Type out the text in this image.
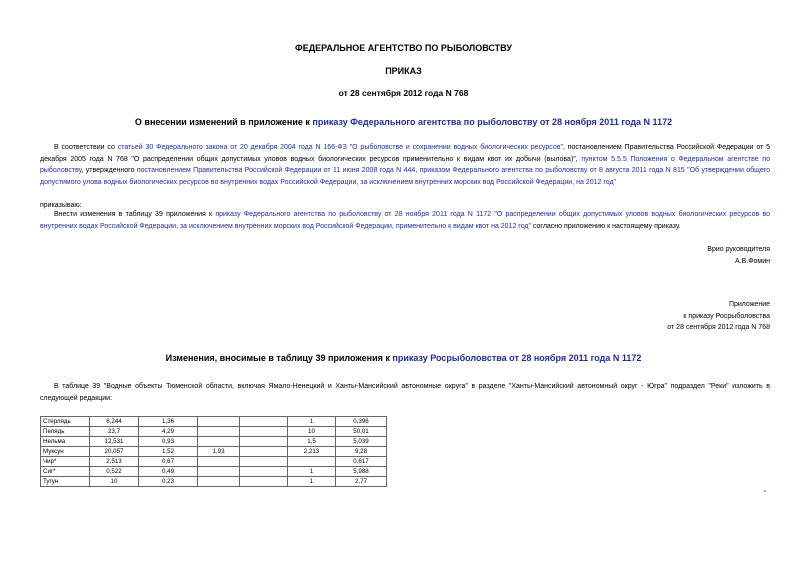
ФЕДЕРАЛЬНОЕ АГЕНТСТВО ПО РЫБОЛОВСТВУ
ПРИКАЗ
от 28 сентября 2012 года N 768
О внесении изменений в приложение к приказу Федерального агентства по рыболовству от 28 ноября 2011 года N 1172
В соответствии со статьей 30 Федерального закона от 20 декабря 2004 года N 166-ФЗ "О рыболовстве и сохранении водных биологических ресурсов", постановлением Правительства Российской Федерации от 5 декабря 2005 года N 768 "О распределении общих допустимых уловов водных биологических ресурсов применительно к видам квот их добычи (вылова)", пунктом 5.5.5 Положения о Федеральном агентстве по рыболовству, утвержденного постановлением Правительства Российской Федерации от 11 июня 2008 года N 444, приказом Федерального агентства по рыболовству от 8 августа 2011 года N 815 "Об утверждении общего допустимого улова водных биологических ресурсов во внутренних водах Российской Федерации, за исключением внутренних морских вод Российской Федерации, на 2012 год"
приказываю:
Внести изменения в таблицу 39 приложения к приказу Федерального агентства по рыболовству от 28 ноября 2011 года N 1172 "О распределении общих допустимых уловов водных биологических ресурсов во внутренних водах Российской Федерации, за исключением внутренних морских вод Российской Федерации, применительно к видам квот на 2012 год" согласно приложению к настоящему приказу.
Врио руководителя
А.В.Фомин
Приложение
к приказу Росрыболовства
от 28 сентября 2012 года N 768
Изменения, вносимые в таблицу 39 приложения к приказу Росрыболовства от 28 ноября 2011 года N 1172
В таблице 39 "Водные объекты Тюменской области, включая Ямало-Ненецкий и Ханты-Мансийский автономные округа" в разделе "Ханты-Мансийский автономный округ - Югра" подраздел "Реки" изложить в следующей редакции:
Стерлядь	6,244	1,36			1	0,396
Пелядь	23,7	4,29			10	50,01
Нельма	12,531	0,93			1,5	5,039
Муксун	20,057	1,52	1,93		2,213	9,28
Чир*	2,513	0,67				0,617
Сиг*	0,522	0,49			1	5,988
Тугун	10	0,23			1	2,77
"
